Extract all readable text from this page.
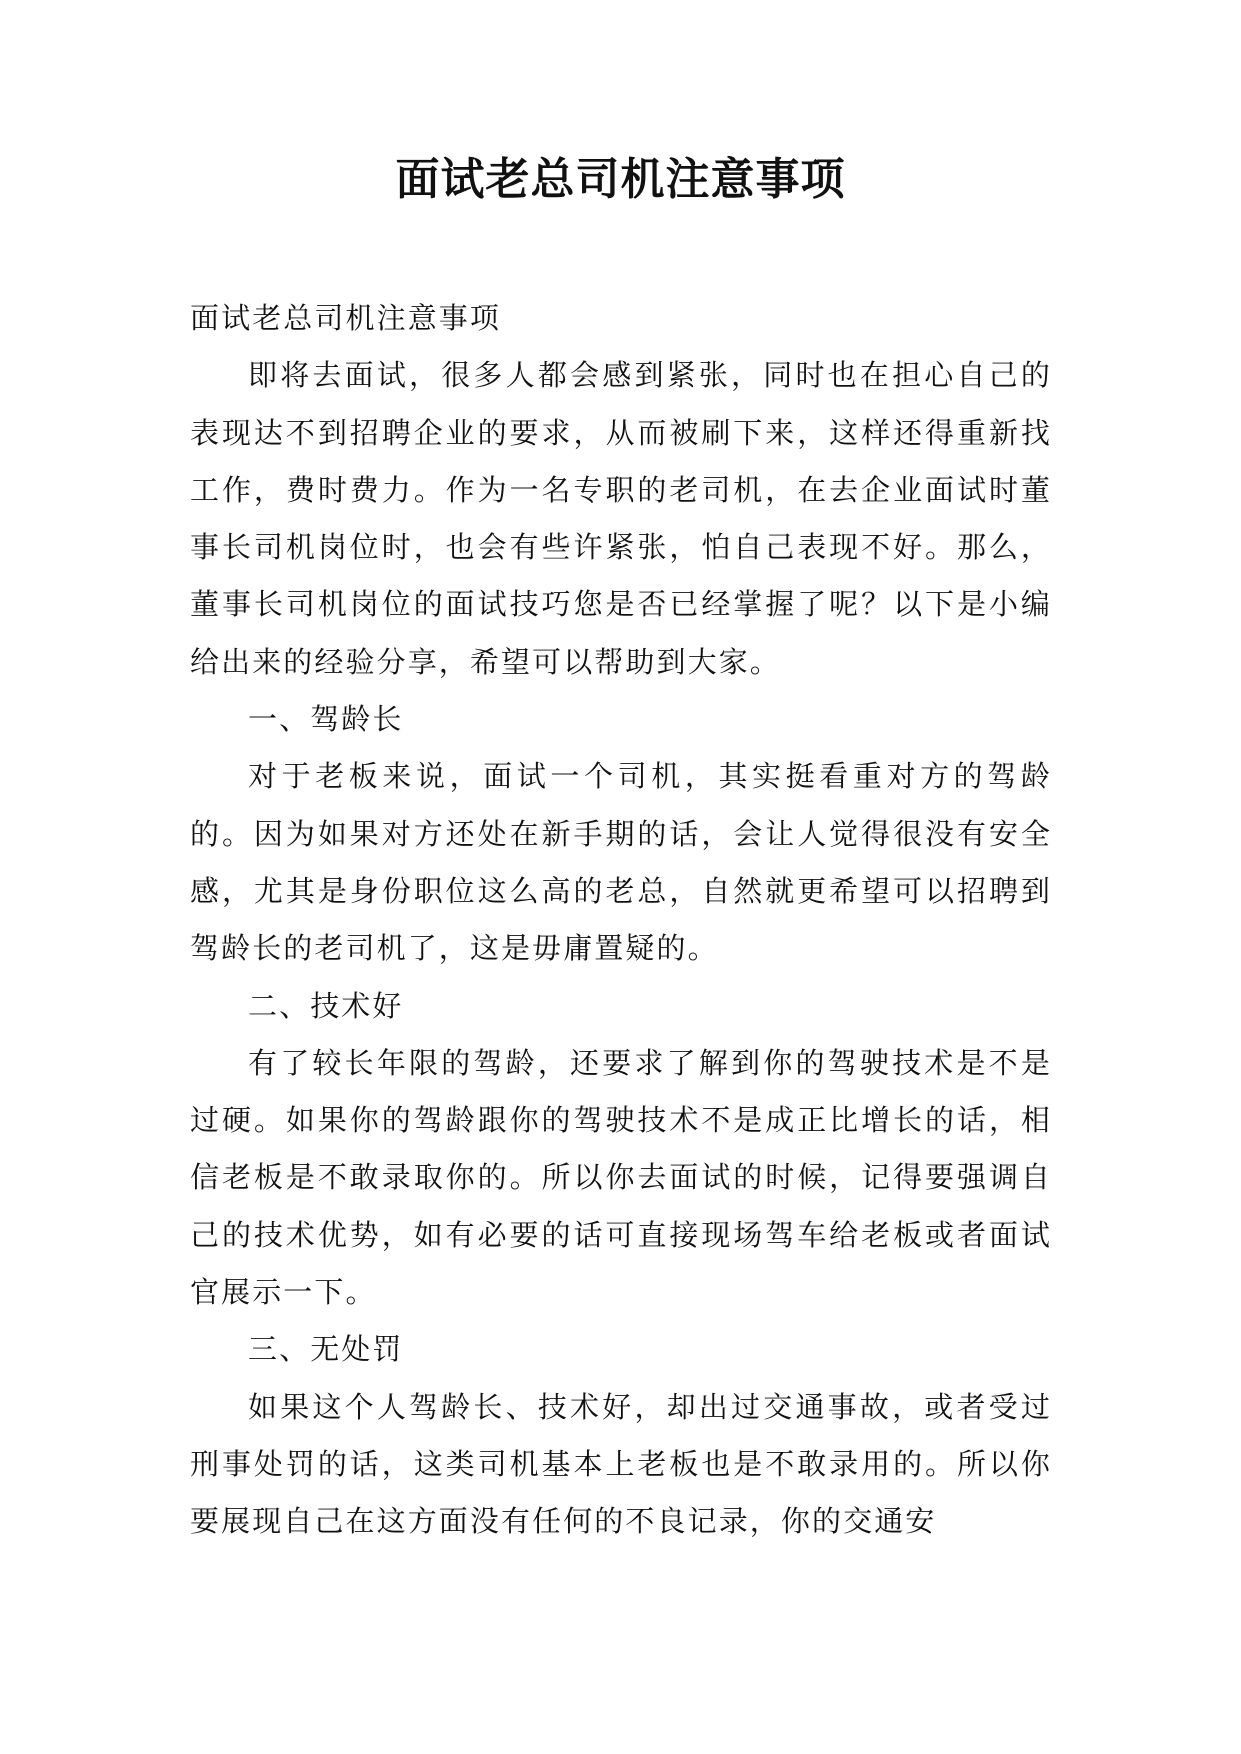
面试老总司机注意事项

面试老总司机注意事项

即将去面试，很多人都会感到紧张，同时也在担心自己的表现达不到招聘企业的要求，从而被刷下来，这样还得重新找工作，费时费力。作为一名专职的老司机，在去企业面试时董事长司机岗位时，也会有些许紧张，怕自己表现不好。那么，董事长司机岗位的面试技巧您是否已经掌握了呢？以下是小编给出来的经验分享，希望可以帮助到大家。

一、驾龄长

对于老板来说，面试一个司机，其实挺看重对方的驾龄的。因为如果对方还处在新手期的话，会让人觉得很没有安全感，尤其是身份职位这么高的老总，自然就更希望可以招聘到驾龄长的老司机了，这是毋庸置疑的。

二、技术好

有了较长年限的驾龄，还要求了解到你的驾驶技术是不是过硬。如果你的驾龄跟你的驾驶技术不是成正比增长的话，相信老板是不敢录取你的。所以你去面试的时候，记得要强调自己的技术优势，如有必要的话可直接现场驾车给老板或者面试官展示一下。

三、无处罚

如果这个人驾龄长、技术好，却出过交通事故，或者受过刑事处罚的话，这类司机基本上老板也是不敢录用的。所以你要展现自己在这方面没有任何的不良记录，你的交通安
